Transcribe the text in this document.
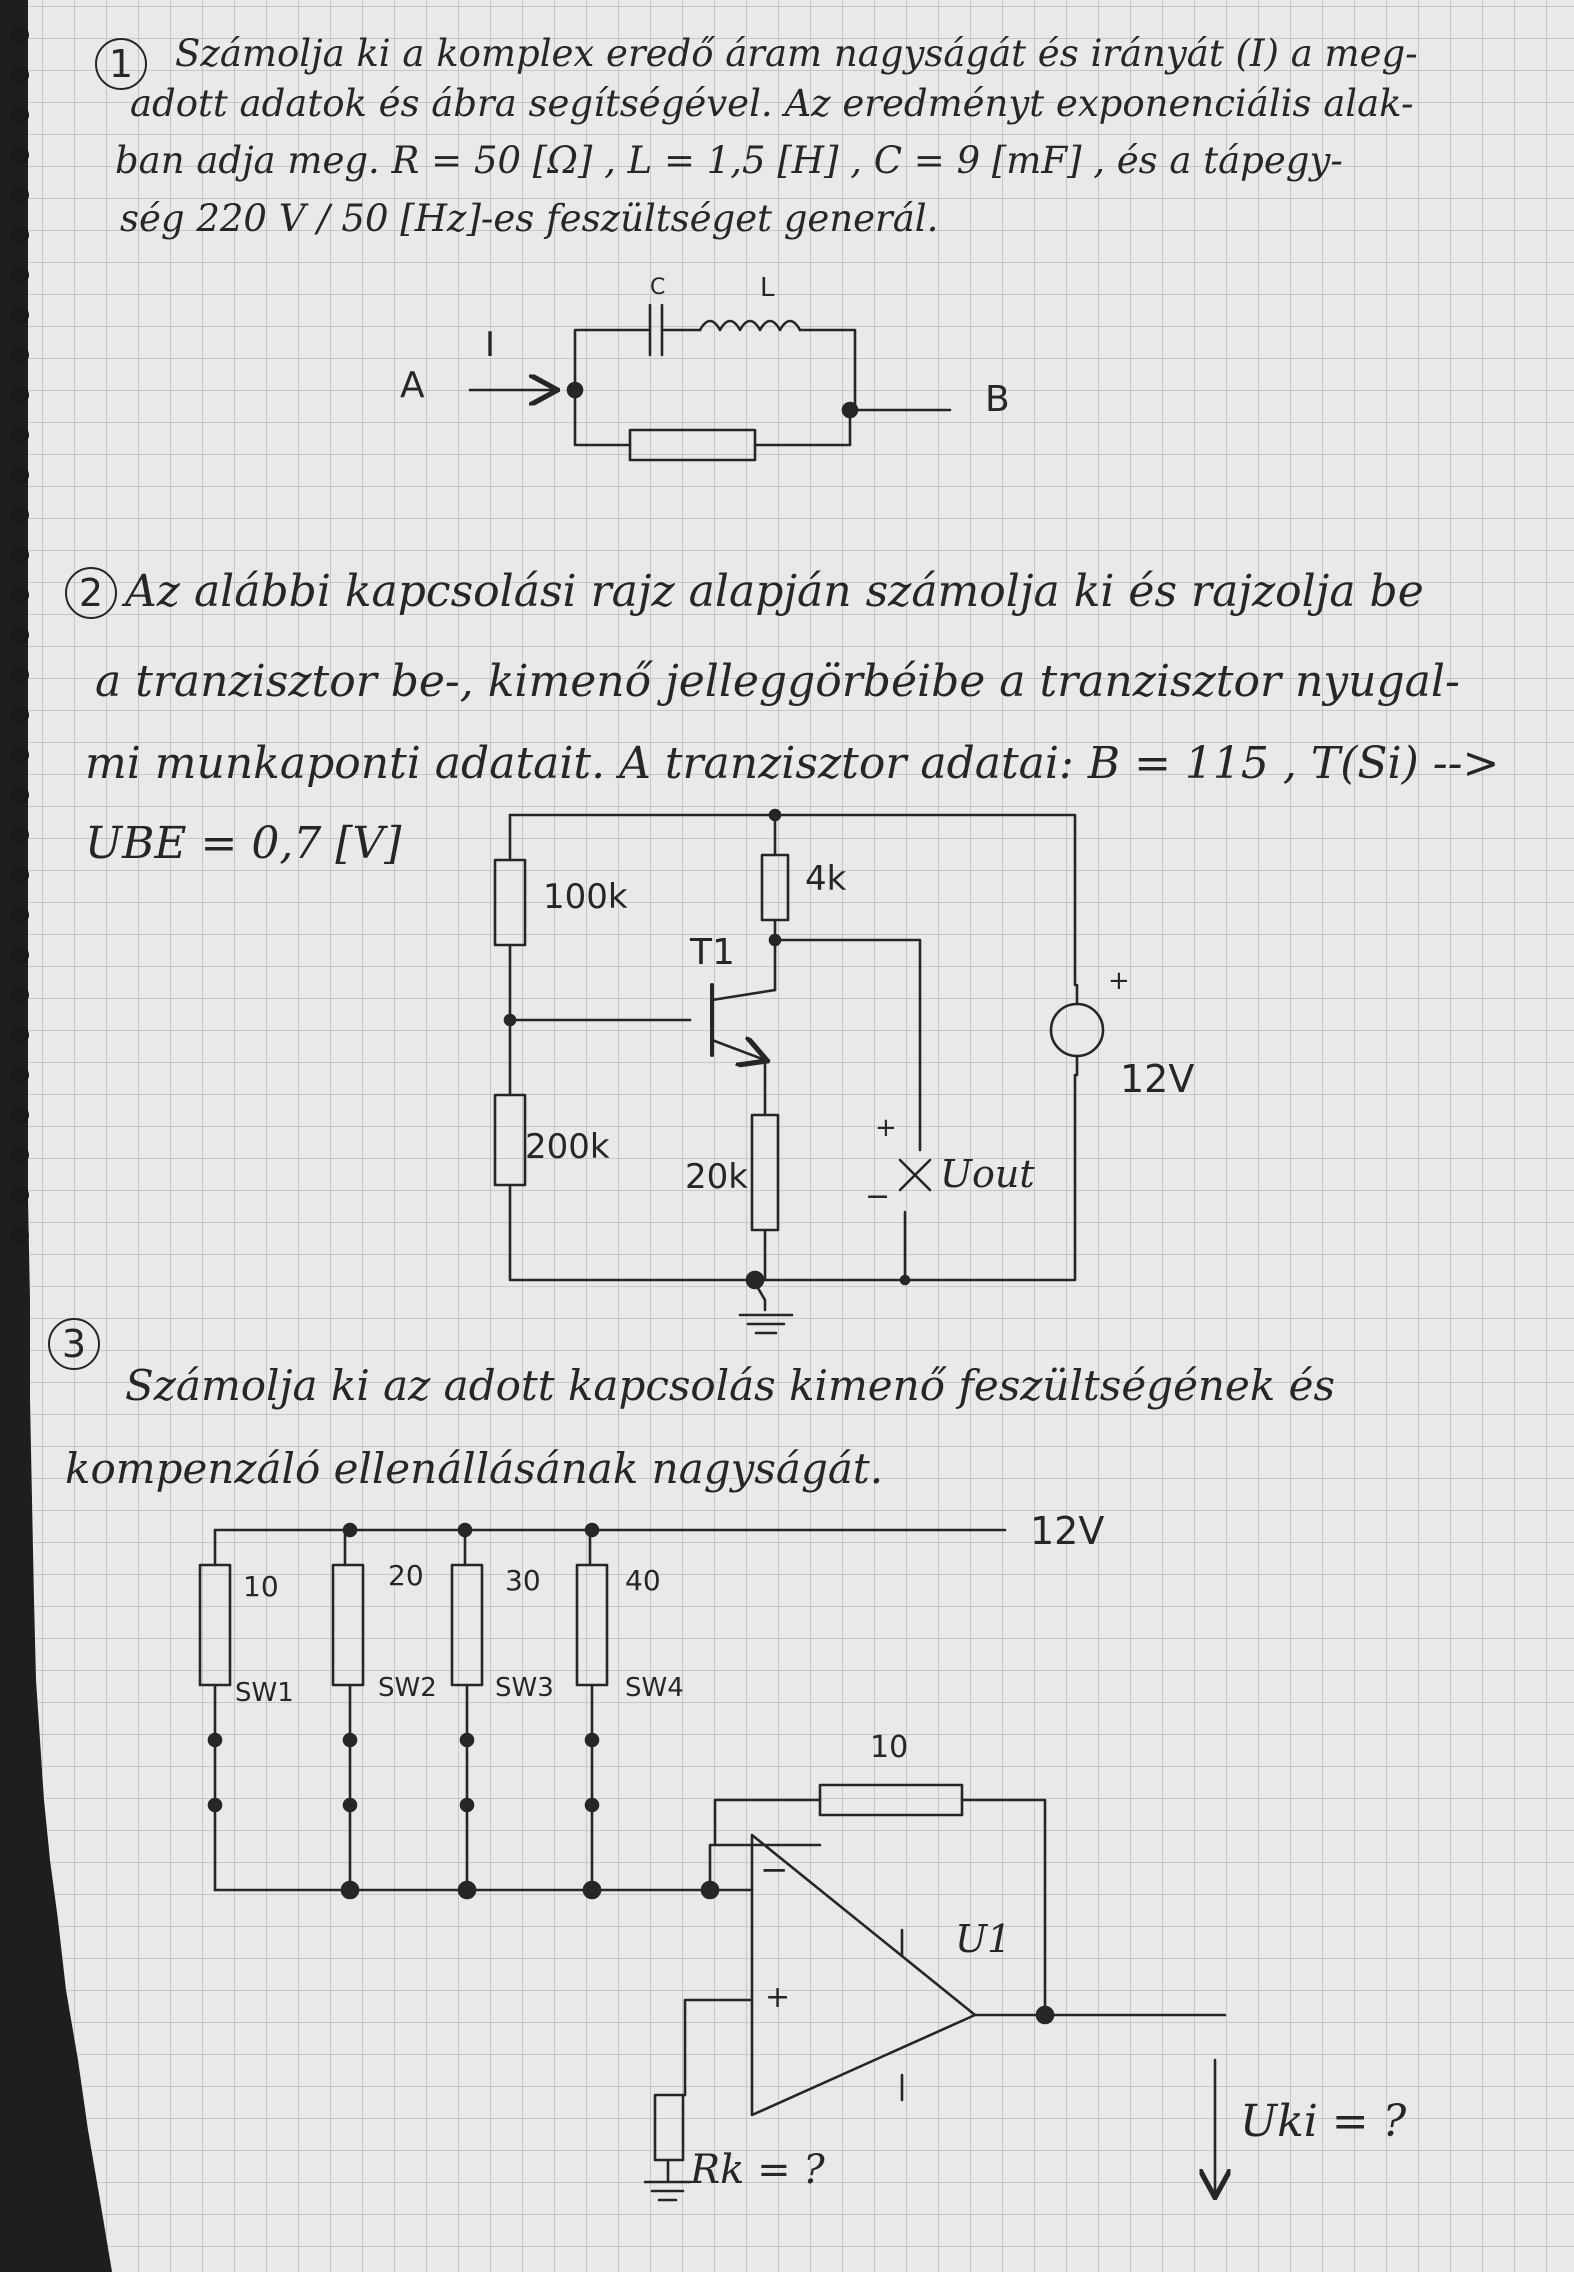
1	Számolja ki a komplex eredő áram nagyságát és irányát (I) a meg-
adott adatok és ábra segítségével. Az eredményt exponenciális alak-
ban adja meg. R = 50 [Ω] , L = 1,5 [H] , C = 9 [mF] , és a tápegy-
ség 220 V / 50 [Hz]-es feszültséget generál.
A	B
I
C	L
2 Az alábbi kapcsolási rajz alapján számolja ki és rajzolja be
a tranzisztor be-, kimenő jelleggörbéibe a tranzisztor nyugal-
mi munkaponti adatait. A tranzisztor adatai: B = 115 , T(Si) -->
UBE = 0,7 [V]
100k
200k
4k
20k
T1
12V
+
+
−
Uout
3
Számolja ki az adott kapcsolás kimenő feszültségének és
kompenzáló ellenállásának nagyságát.
12V
10	20	30	40
SW1	SW2 SW3	SW4
10
U1
−
+
Rk = ?
Uki = ?
